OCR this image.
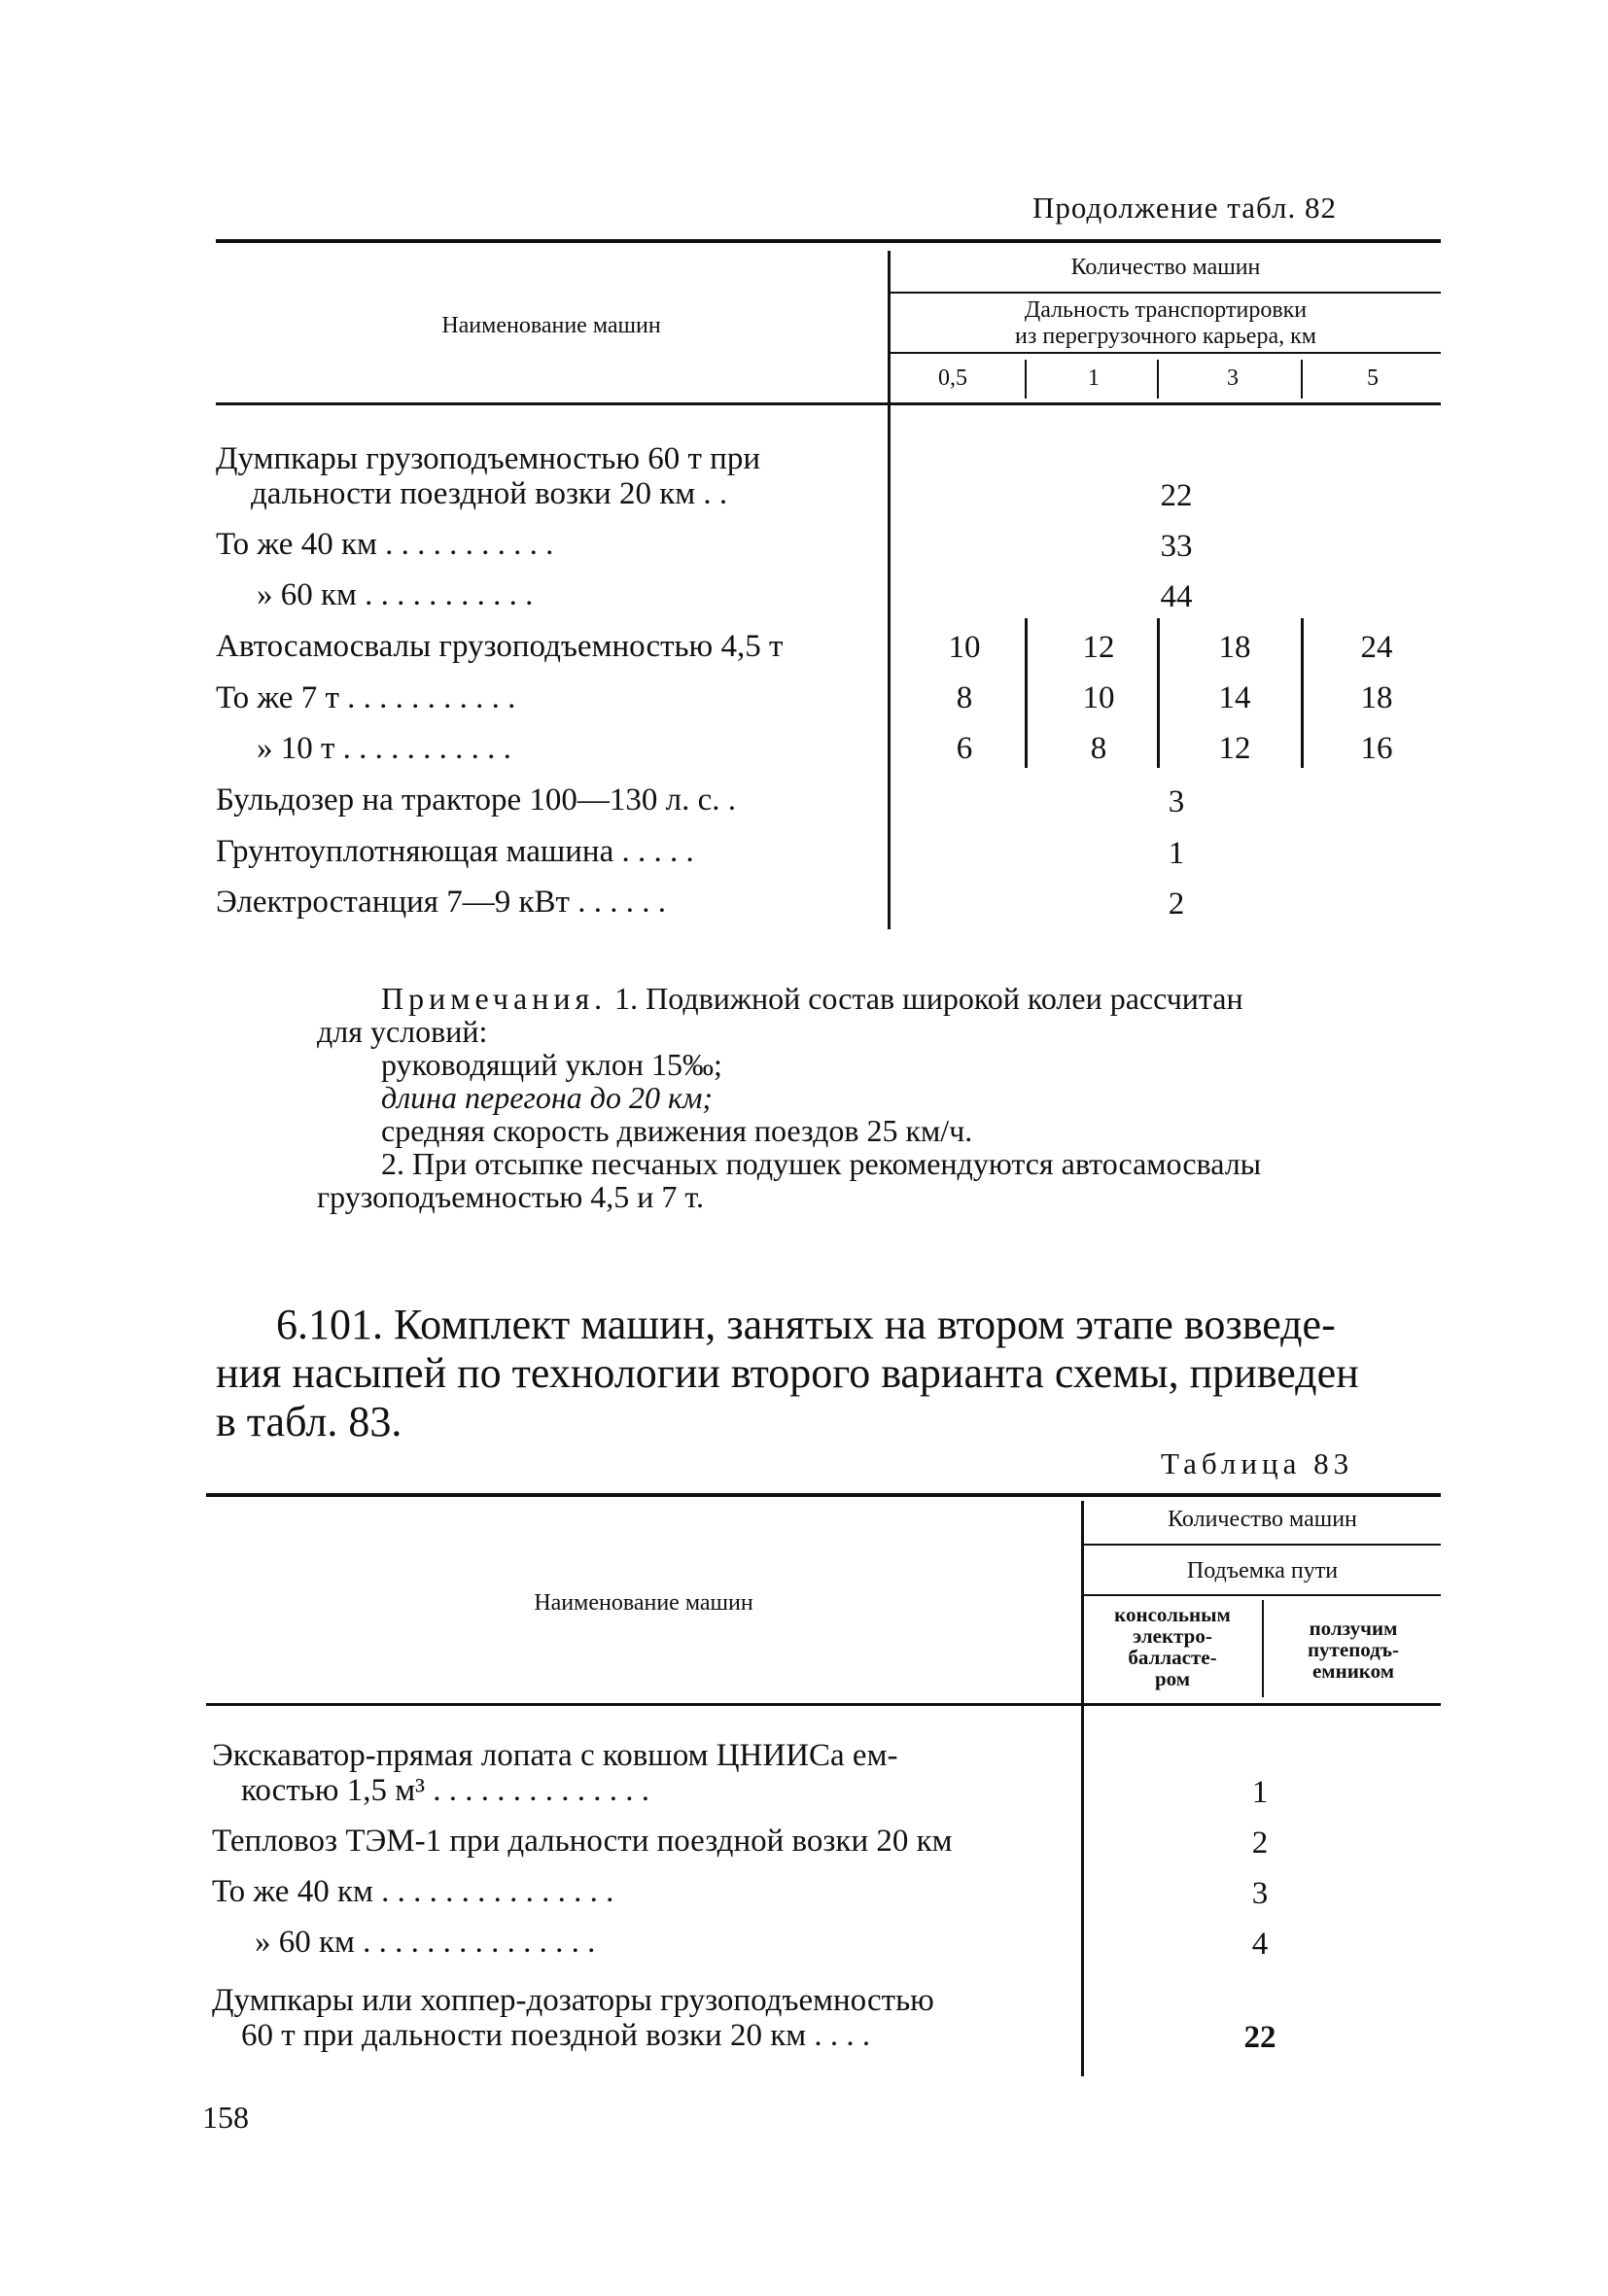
Продолжение табл. 82
Наименование машин
Количество машин
Дальность транспортировки
из перегрузочного карьера, км
0,5	1	3	5
Думпкары грузоподъемностью 60 т при
дальности поездной возки 20 км . .	22
То же 40 км . . . . . . . . . . .	33
» 60 км . . . . . . . . . . .	44
Автосамосвалы грузоподъемностью 4,5 т	10	12	18	24
То же 7 т . . . . . . . . . . .	8	10	14	18
» 10 т . . . . . . . . . . .	6	8	12	16
Бульдозер на тракторе 100—130 л. с. .	3
Грунтоуплотняющая машина . . . . .	1
Электростанция 7—9 кВт . . . . . .	2
Примечания. 1. Подвижной состав широкой колеи рассчитан
для условий:
руководящий уклон 15‰;
длина перегона до 20 км;
средняя скорость движения поездов 25 км/ч.
2. При отсыпке песчаных подушек рекомендуются автосамосвалы
грузоподъемностью 4,5 и 7 т.
6.101. Комплект машин, занятых на втором этапе возведе-
ния насыпей по технологии второго варианта схемы, приведен
в табл. 83.
Таблица 83
Наименование машин
Количество машин
Подъемка пути
консольным
электро-
балласте-
ром
ползучим
путеподъ-
емником
Экскаватор-прямая лопата с ковшом ЦНИИСа ем-
костью 1,5 м³ . . . . . . . . . . . . . .	1
Тепловоз ТЭМ-1 при дальности поездной возки 20 км	2
То же 40 км . . . . . . . . . . . . . . .	3
» 60 км . . . . . . . . . . . . . . .	4
Думпкары или хоппер-дозаторы грузоподъемностью
60 т при дальности поездной возки 20 км . . . .	22
158
